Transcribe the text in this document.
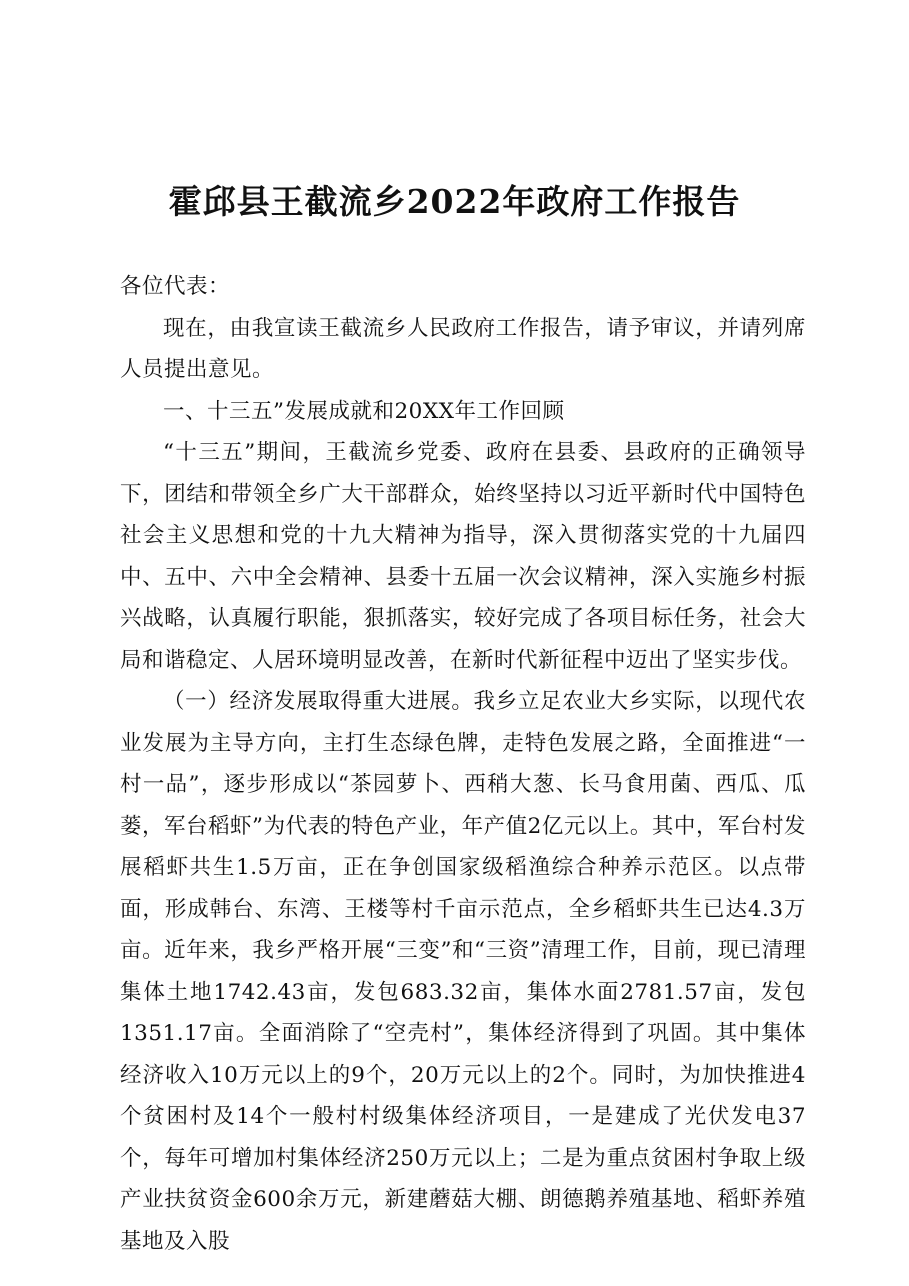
霍邱县王截流乡2022年政府工作报告

各位代表：

现在，由我宣读王截流乡人民政府工作报告，请予审议，并请列席人员提出意见。

一、十三五”发展成就和20XX年工作回顾

“十三五”期间，王截流乡党委、政府在县委、县政府的正确领导下，团结和带领全乡广大干部群众，始终坚持以习近平新时代中国特色社会主义思想和党的十九大精神为指导，深入贯彻落实党的十九届四中、五中、六中全会精神、县委十五届一次会议精神，深入实施乡村振兴战略，认真履行职能，狠抓落实，较好完成了各项目标任务，社会大局和谐稳定、人居环境明显改善，在新时代新征程中迈出了坚实步伐。

（一）经济发展取得重大进展。我乡立足农业大乡实际，以现代农业发展为主导方向，主打生态绿色牌，走特色发展之路，全面推进“一村一品”，逐步形成以“茶园萝卜、西稍大葱、长马食用菌、西瓜、瓜蒌，军台稻虾”为代表的特色产业，年产值2亿元以上。其中，军台村发展稻虾共生1.5万亩，正在争创国家级稻渔综合种养示范区。以点带面，形成韩台、东湾、王楼等村千亩示范点，全乡稻虾共生已达4.3万亩。近年来，我乡严格开展“三变”和“三资”清理工作，目前，现已清理集体土地1742.43亩，发包683.32亩，集体水面2781.57亩，发包1351.17亩。全面消除了“空壳村”，集体经济得到了巩固。其中集体经济收入10万元以上的9个，20万元以上的2个。同时，为加快推进4个贫困村及14个一般村村级集体经济项目，一是建成了光伏发电37个，每年可增加村集体经济250万元以上；二是为重点贫困村争取上级产业扶贫资金600余万元，新建蘑菇大棚、朗德鹅养殖基地、稻虾养殖基地及入股
